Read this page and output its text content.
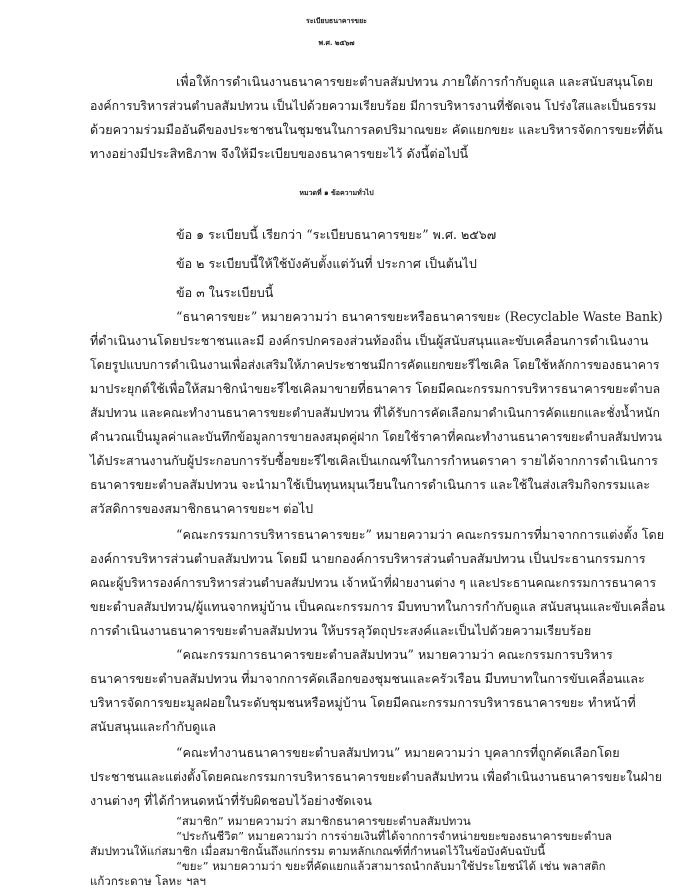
ระเบียบธนาคารขยะ
พ.ศ. ๒๕๖๗
เพื่อให้การดำเนินงานธนาคารขยะตำบลสัมปทวน ภายใต้การกำกับดูแล และสนับสนุนโดย
องค์การบริหารส่วนตำบลสัมปทวน เป็นไปด้วยความเรียบร้อย มีการบริหารงานที่ชัดเจน โปร่งใสและเป็นธรรม
ด้วยความร่วมมืออันดีของประชาชนในชุมชนในการลดปริมาณขยะ คัดแยกขยะ และบริหารจัดการขยะที่ต้น
ทางอย่างมีประสิทธิภาพ จึงให้มีระเบียบของธนาคารขยะไว้ ดังนี้ต่อไปนี้
หมวดที่ ๑ ข้อความทั่วไป
ข้อ ๑ ระเบียบนี้ เรียกว่า “ระเบียบธนาคารขยะ” พ.ศ. ๒๕๖๗
ข้อ ๒ ระเบียบนี้ให้ใช้บังคับตั้งแต่วันที่ ประกาศ เป็นต้นไป
ข้อ ๓ ในระเบียบนี้
“ธนาคารขยะ” หมายความว่า ธนาคารขยะหรือธนาคารขยะ (Recyclable Waste Bank)
ที่ดำเนินงานโดยประชาชนและมี องค์กรปกครองส่วนท้องถิ่น เป็นผู้สนับสนุนและขับเคลื่อนการดำเนินงาน
โดยรูปแบบการดำเนินงานเพื่อส่งเสริมให้ภาคประชาชนมีการคัดแยกขยะรีไซเคิล โดยใช้หลักการของธนาคาร
มาประยุกต์ใช้เพื่อให้สมาชิกนำขยะรีไซเคิลมาขายที่ธนาคาร โดยมีคณะกรรมการบริหารธนาคารขยะตำบล
สัมปทวน และคณะทำงานธนาคารขยะตำบลสัมปทวน ที่ได้รับการคัดเลือกมาดำเนินการคัดแยกและชั่งน้ำหนัก
คำนวณเป็นมูลค่าและบันทึกข้อมูลการขายลงสมุดคู่ฝาก โดยใช้ราคาที่คณะทำงานธนาคารขยะตำบลสัมปทวน
ได้ประสานงานกับผู้ประกอบการรับซื้อขยะรีไซเคิลเป็นเกณฑ์ในการกำหนดราคา รายได้จากการดำเนินการ
ธนาคารขยะตำบลสัมปทวน จะนำมาใช้เป็นทุนหมุนเวียนในการดำเนินการ และใช้ในส่งเสริมกิจกรรมและ
สวัสดิการของสมาชิกธนาคารขยะฯ ต่อไป
“คณะกรรมการบริหารธนาคารขยะ” หมายความว่า คณะกรรมการที่มาจากการแต่งตั้ง โดย
องค์การบริหารส่วนตำบลสัมปทวน โดยมี นายกองค์การบริหารส่วนตำบลสัมปทวน เป็นประธานกรรมการ
คณะผู้บริหารองค์การบริหารส่วนตำบลสัมปทวน เจ้าหน้าที่ฝ่ายงานต่าง ๆ และประธานคณะกรรมการธนาคาร
ขยะตำบลสัมปทวน/ผู้แทนจากหมู่บ้าน เป็นคณะกรรมการ มีบทบาทในการกำกับดูแล สนับสนุนและขับเคลื่อน
การดำเนินงานธนาคารขยะตำบลสัมปทวน ให้บรรลุวัตถุประสงค์และเป็นไปด้วยความเรียบร้อย
“คณะกรรมการธนาคารขยะตำบลสัมปทวน” หมายความว่า คณะกรรมการบริหาร
ธนาคารขยะตำบลสัมปทวน ที่มาจากการคัดเลือกของชุมชนและครัวเรือน มีบทบาทในการขับเคลื่อนและ
บริหารจัดการขยะมูลฝอยในระดับชุมชนหรือหมู่บ้าน โดยมีคณะกรรมการบริหารธนาคารขยะ ทำหน้าที่
สนับสนุนและกำกับดูแล
“คณะทำงานธนาคารขยะตำบลสัมปทวน” หมายความว่า บุคลากรที่ถูกคัดเลือกโดย
ประชาชนและแต่งตั้งโดยคณะกรรมการบริหารธนาคารขยะตำบลสัมปทวน เพื่อดำเนินงานธนาคารขยะในฝ่าย
งานต่างๆ ที่ได้กำหนดหน้าที่รับผิดชอบไว้อย่างชัดเจน
“สมาชิก” หมายความว่า สมาชิกธนาคารขยะตำบลสัมปทวน
“ประกันชีวิต” หมายความว่า การจ่ายเงินที่ได้จากการจำหน่ายขยะของธนาคารขยะตำบล
สัมปทวนให้แก่สมาชิก เมื่อสมาชิกนั้นถึงแก่กรรม ตามหลักเกณฑ์ที่กำหนดไว้ในข้อบังคับฉบับนี้
“ขยะ” หมายความว่า ขยะที่คัดแยกแล้วสามารถนำกลับมาใช้ประโยชน์ได้ เช่น พลาสติก
แก้วกระดาษ โลหะ ฯลฯ
